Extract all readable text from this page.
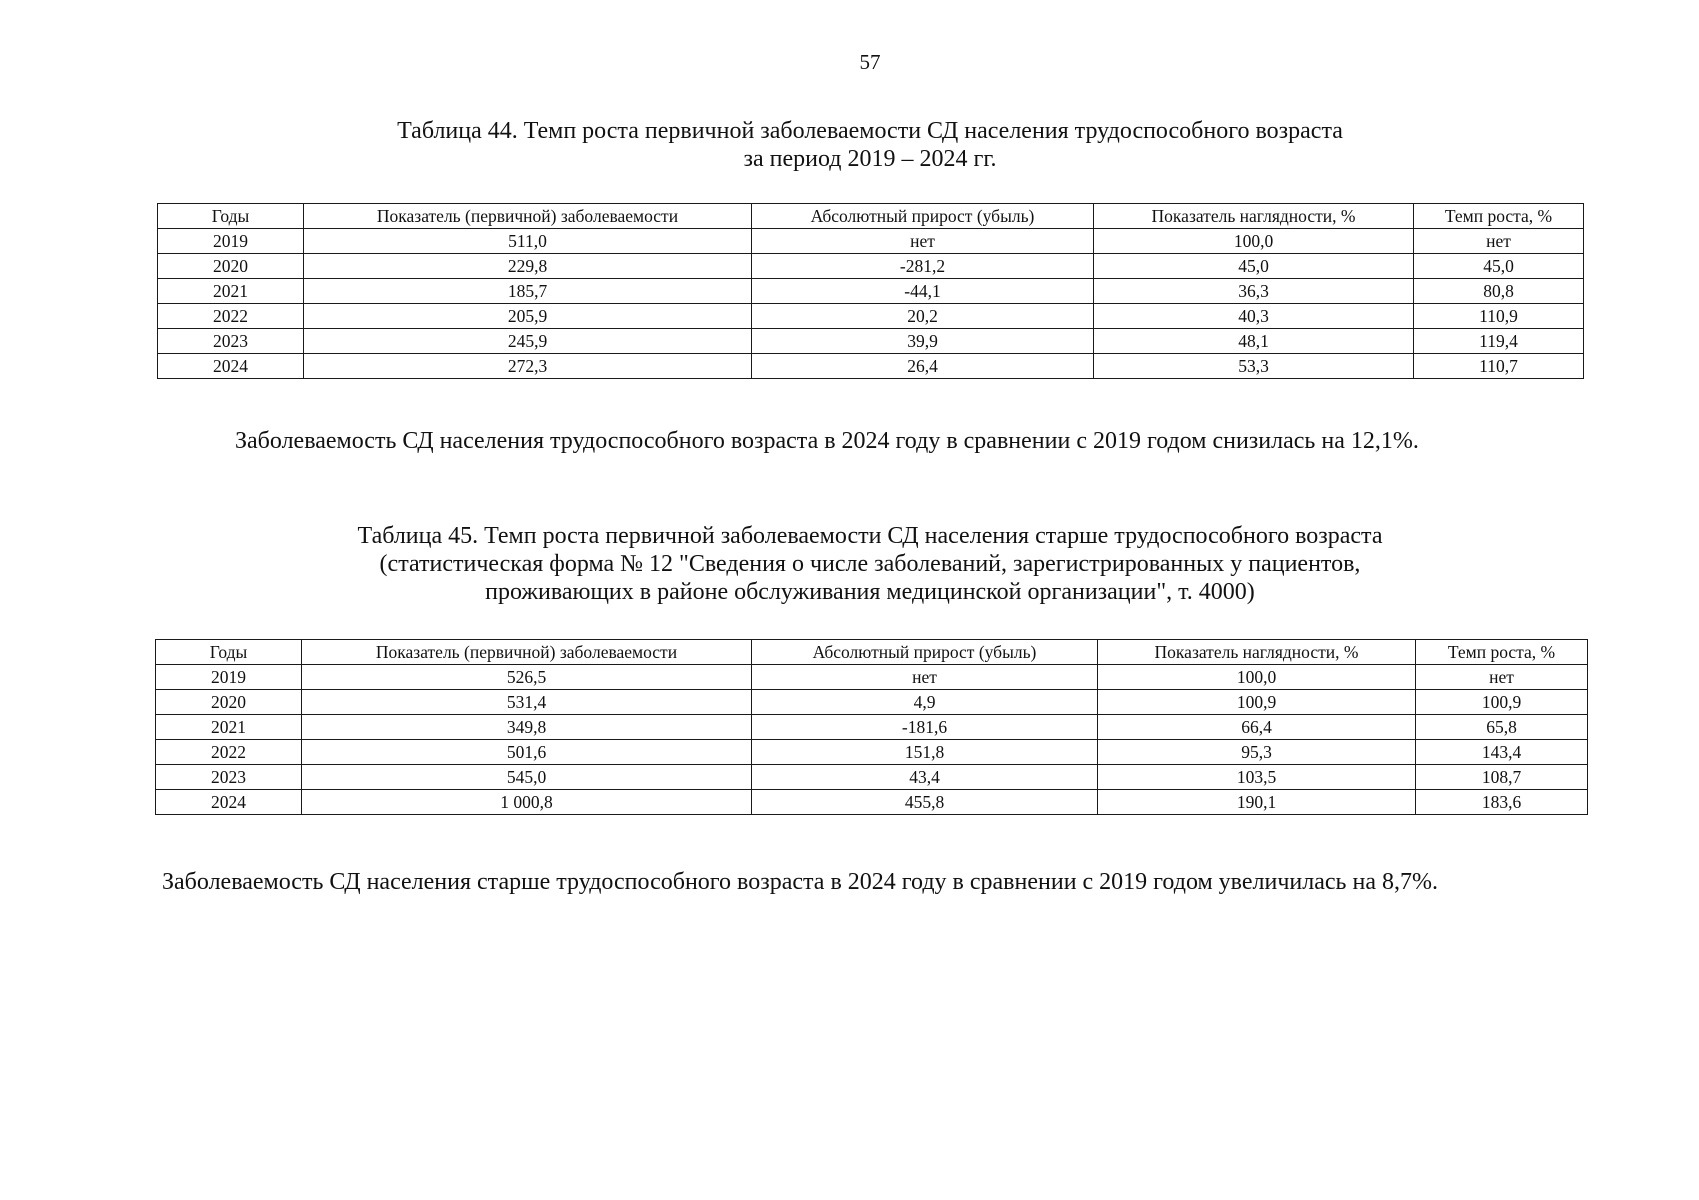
57
Таблица 44. Темп роста первичной заболеваемости СД населения трудоспособного возраста
за период 2019 – 2024 гг.
Годы	Показатель (первичной) заболеваемости	Абсолютный прирост (убыль)	Показатель наглядности, %	Темп роста, %
2019	511,0	нет	100,0	нет
2020	229,8	-281,2	45,0	45,0
2021	185,7	-44,1	36,3	80,8
2022	205,9	20,2	40,3	110,9
2023	245,9	39,9	48,1	119,4
2024	272,3	26,4	53,3	110,7
Заболеваемость СД населения трудоспособного возраста в 2024 году в сравнении с 2019 годом снизилась на 12,1%.
Таблица 45. Темп роста первичной заболеваемости СД населения старше трудоспособного возраста
(статистическая форма № 12 "Сведения о числе заболеваний, зарегистрированных у пациентов,
проживающих в районе обслуживания медицинской организации", т. 4000)
Годы	Показатель (первичной) заболеваемости	Абсолютный прирост (убыль)	Показатель наглядности, %	Темп роста, %
2019	526,5	нет	100,0	нет
2020	531,4	4,9	100,9	100,9
2021	349,8	-181,6	66,4	65,8
2022	501,6	151,8	95,3	143,4
2023	545,0	43,4	103,5	108,7
2024	1 000,8	455,8	190,1	183,6
Заболеваемость СД населения старше трудоспособного возраста в 2024 году в сравнении с 2019 годом увеличилась на 8,7%.
